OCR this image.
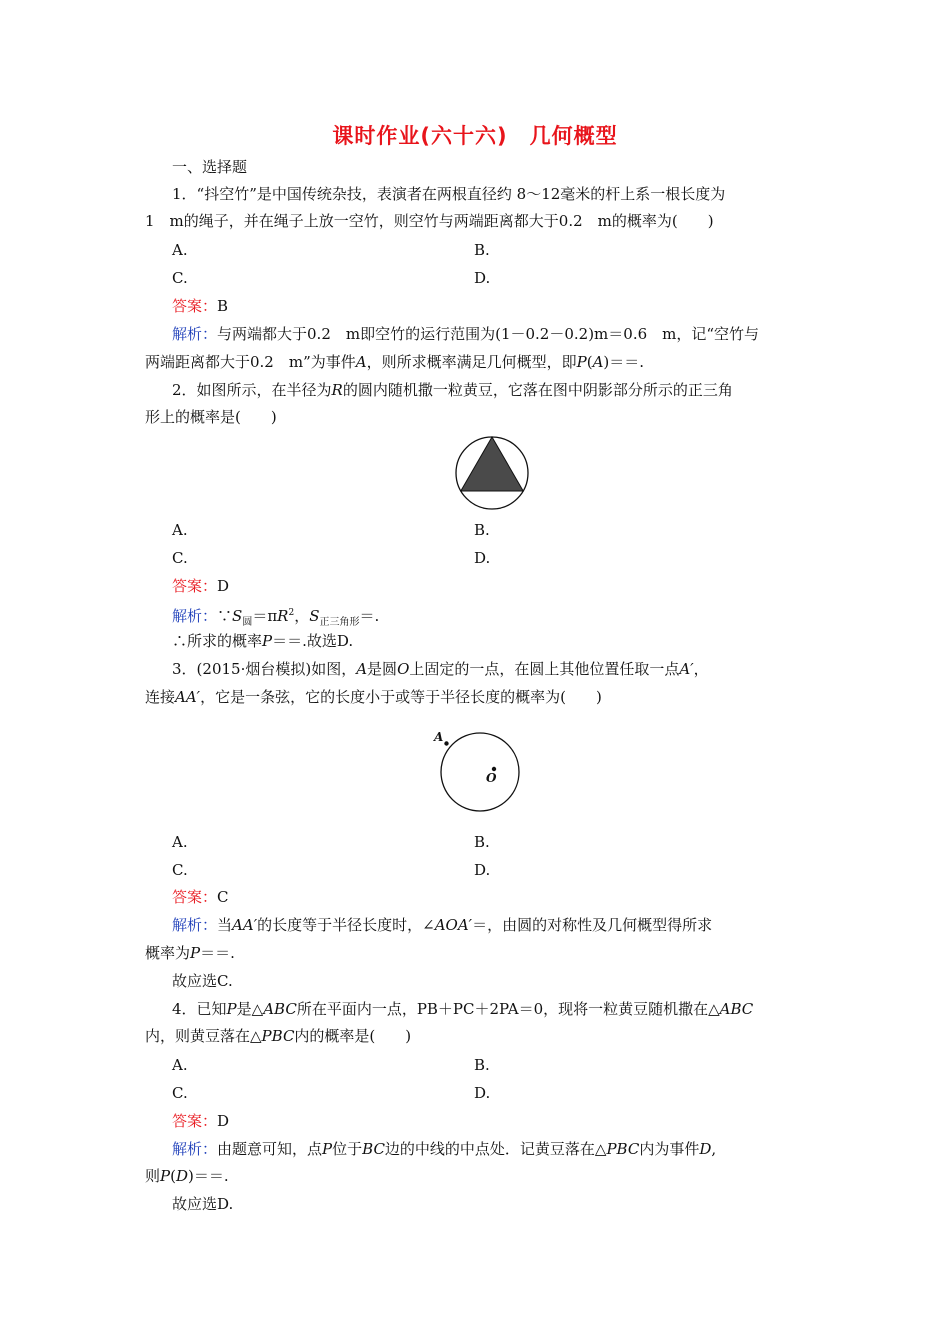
课时作业(六十六)　几何概型
一、选择题
1．“抖空竹”是中国传统杂技，表演者在两根直径约 8～12毫米的杆上系一根长度为
1　m的绳子，并在绳子上放一空竹，则空竹与两端距离都大于0.2　m的概率为(　　)
A.	B.
C.	D.
答案：B
解析：与两端都大于0.2　m即空竹的运行范围为(1－0.2－0.2)m＝0.6　m，记“空竹与
两端距离都大于0.2　m”为事件A，则所求概率满足几何概型，即P(A)＝＝.
2．如图所示，在半径为R的圆内随机撒一粒黄豆，它落在图中阴影部分所示的正三角
形上的概率是(　　)
A.	B.
C.	D.
答案：D
解析：$\because S_圆=\pi R^2$，$S_{正三角形}=$.
∴所求的概率P＝＝.故选D.
3．(2015·烟台模拟)如图，A是圆O上固定的一点，在圆上其他位置任取一点A′，
连接AA′，它是一条弦，它的长度小于或等于半径长度的概率为(　　)
A
O
A.	B.
C.	D.
答案：C
解析：当AA′的长度等于半径长度时，∠AOA′＝，由圆的对称性及几何概型得所求
概率为P＝＝.
故应选C.
4．已知P是△ABC所在平面内一点，PB＋PC＋2PA＝0，现将一粒黄豆随机撒在△ABC
内，则黄豆落在△PBC内的概率是(　　)
A.	B.
C.	D.
答案：D
解析：由题意可知，点P位于BC边的中线的中点处．记黄豆落在△PBC内为事件D,
则P(D)＝＝.
故应选D.
